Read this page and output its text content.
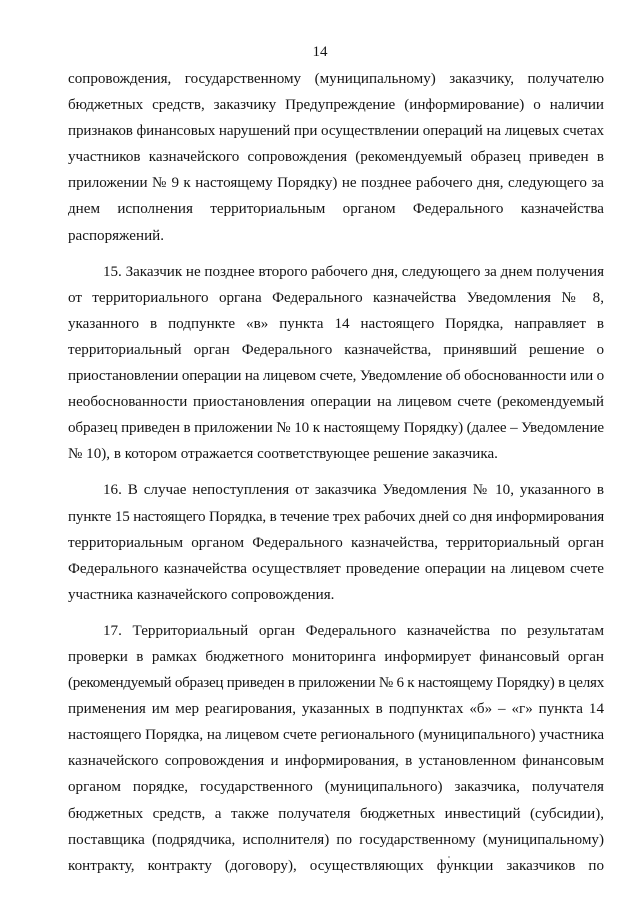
14
сопровождения, государственному (муниципальному) заказчику, получателю
бюджетных средств, заказчику Предупреждение (информирование) о наличии
признаков финансовых нарушений при осуществлении операций на лицевых счетах
участников казначейского сопровождения (рекомендуемый образец приведен в
приложении № 9 к настоящему Порядку) не позднее рабочего дня, следующего за
днем исполнения территориальным органом Федерального казначейства
распоряжений.
15. Заказчик не позднее второго рабочего дня, следующего за днем получения
от территориального органа Федерального казначейства Уведомления № 8,
указанного в подпункте «в» пункта 14 настоящего Порядка, направляет в
территориальный орган Федерального казначейства, принявший решение о
приостановлении операции на лицевом счете, Уведомление об обоснованности или о
необоснованности приостановления операции на лицевом счете (рекомендуемый
образец приведен в приложении № 10 к настоящему Порядку) (далее – Уведомление
№ 10), в котором отражается соответствующее решение заказчика.
16. В случае непоступления от заказчика Уведомления № 10, указанного в
пункте 15 настоящего Порядка, в течение трех рабочих дней со дня информирования
территориальным органом Федерального казначейства, территориальный орган
Федерального казначейства осуществляет проведение операции на лицевом счете
участника казначейского сопровождения.
17. Территориальный орган Федерального казначейства по результатам
проверки в рамках бюджетного мониторинга информирует финансовый орган
(рекомендуемый образец приведен в приложении № 6 к настоящему Порядку) в целях
применения им мер реагирования, указанных в подпунктах «б» – «г» пункта 14
настоящего Порядка, на лицевом счете регионального (муниципального) участника
казначейского сопровождения и информирования, в установленном финансовым
органом порядке, государственного (муниципального) заказчика, получателя
бюджетных средств, а также получателя бюджетных инвестиций (субсидии),
поставщика (подрядчика, исполнителя) по государственному (муниципальному)
контракту, контракту (договору), осуществляющих функции заказчиков по
